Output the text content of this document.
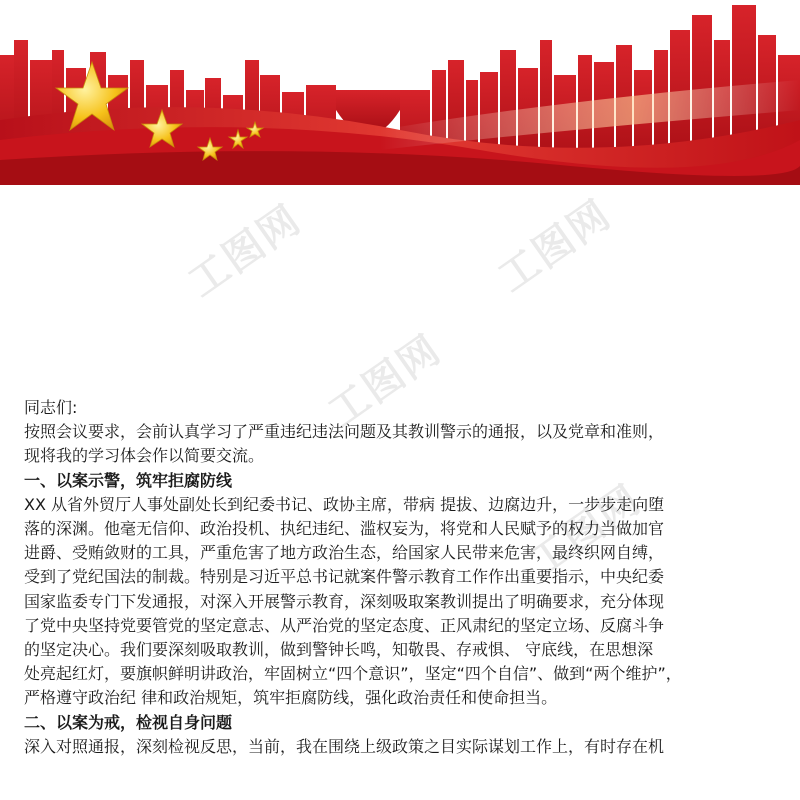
工图网	工图网
工图网
工图网

同志们:

按照会议要求，会前认真学习了严重违纪违法问题及其教训警示的通报，以及党章和准则，

现将我的学习体会作以简要交流。

一、以案示警，筑牢拒腐防线

XX 从省外贸厅人事处副处长到纪委书记、政协主席，带病 提拔、边腐边升，一步步走向堕

落的深渊。他毫无信仰、政治投机、执纪违纪、滥权妄为，将党和人民赋予的权力当做加官

进爵、受贿敛财的工具，严重危害了地方政治生态，给国家人民带来危害，最终织网自缚，

受到了党纪国法的制裁。特别是习近平总书记就案件警示教育工作作出重要指示，中央纪委

国家监委专门下发通报，对深入开展警示教育，深刻吸取案教训提出了明确要求，充分体现

了党中央坚持党要管党的坚定意志、从严治党的坚定态度、正风肃纪的坚定立场、反腐斗争

的坚定决心。我们要深刻吸取教训，做到警钟长鸣，知敬畏、存戒惧、 守底线，在思想深

处亮起红灯，要旗帜鲜明讲政治，牢固树立“四个意识”，坚定“四个自信”、做到“两个维护”，

严格遵守政治纪 律和政治规矩，筑牢拒腐防线，强化政治责任和使命担当。

二、以案为戒，检视自身问题

深入对照通报，深刻检视反思，当前，我在围绕上级政策之目实际谋划工作上，有时存在机
